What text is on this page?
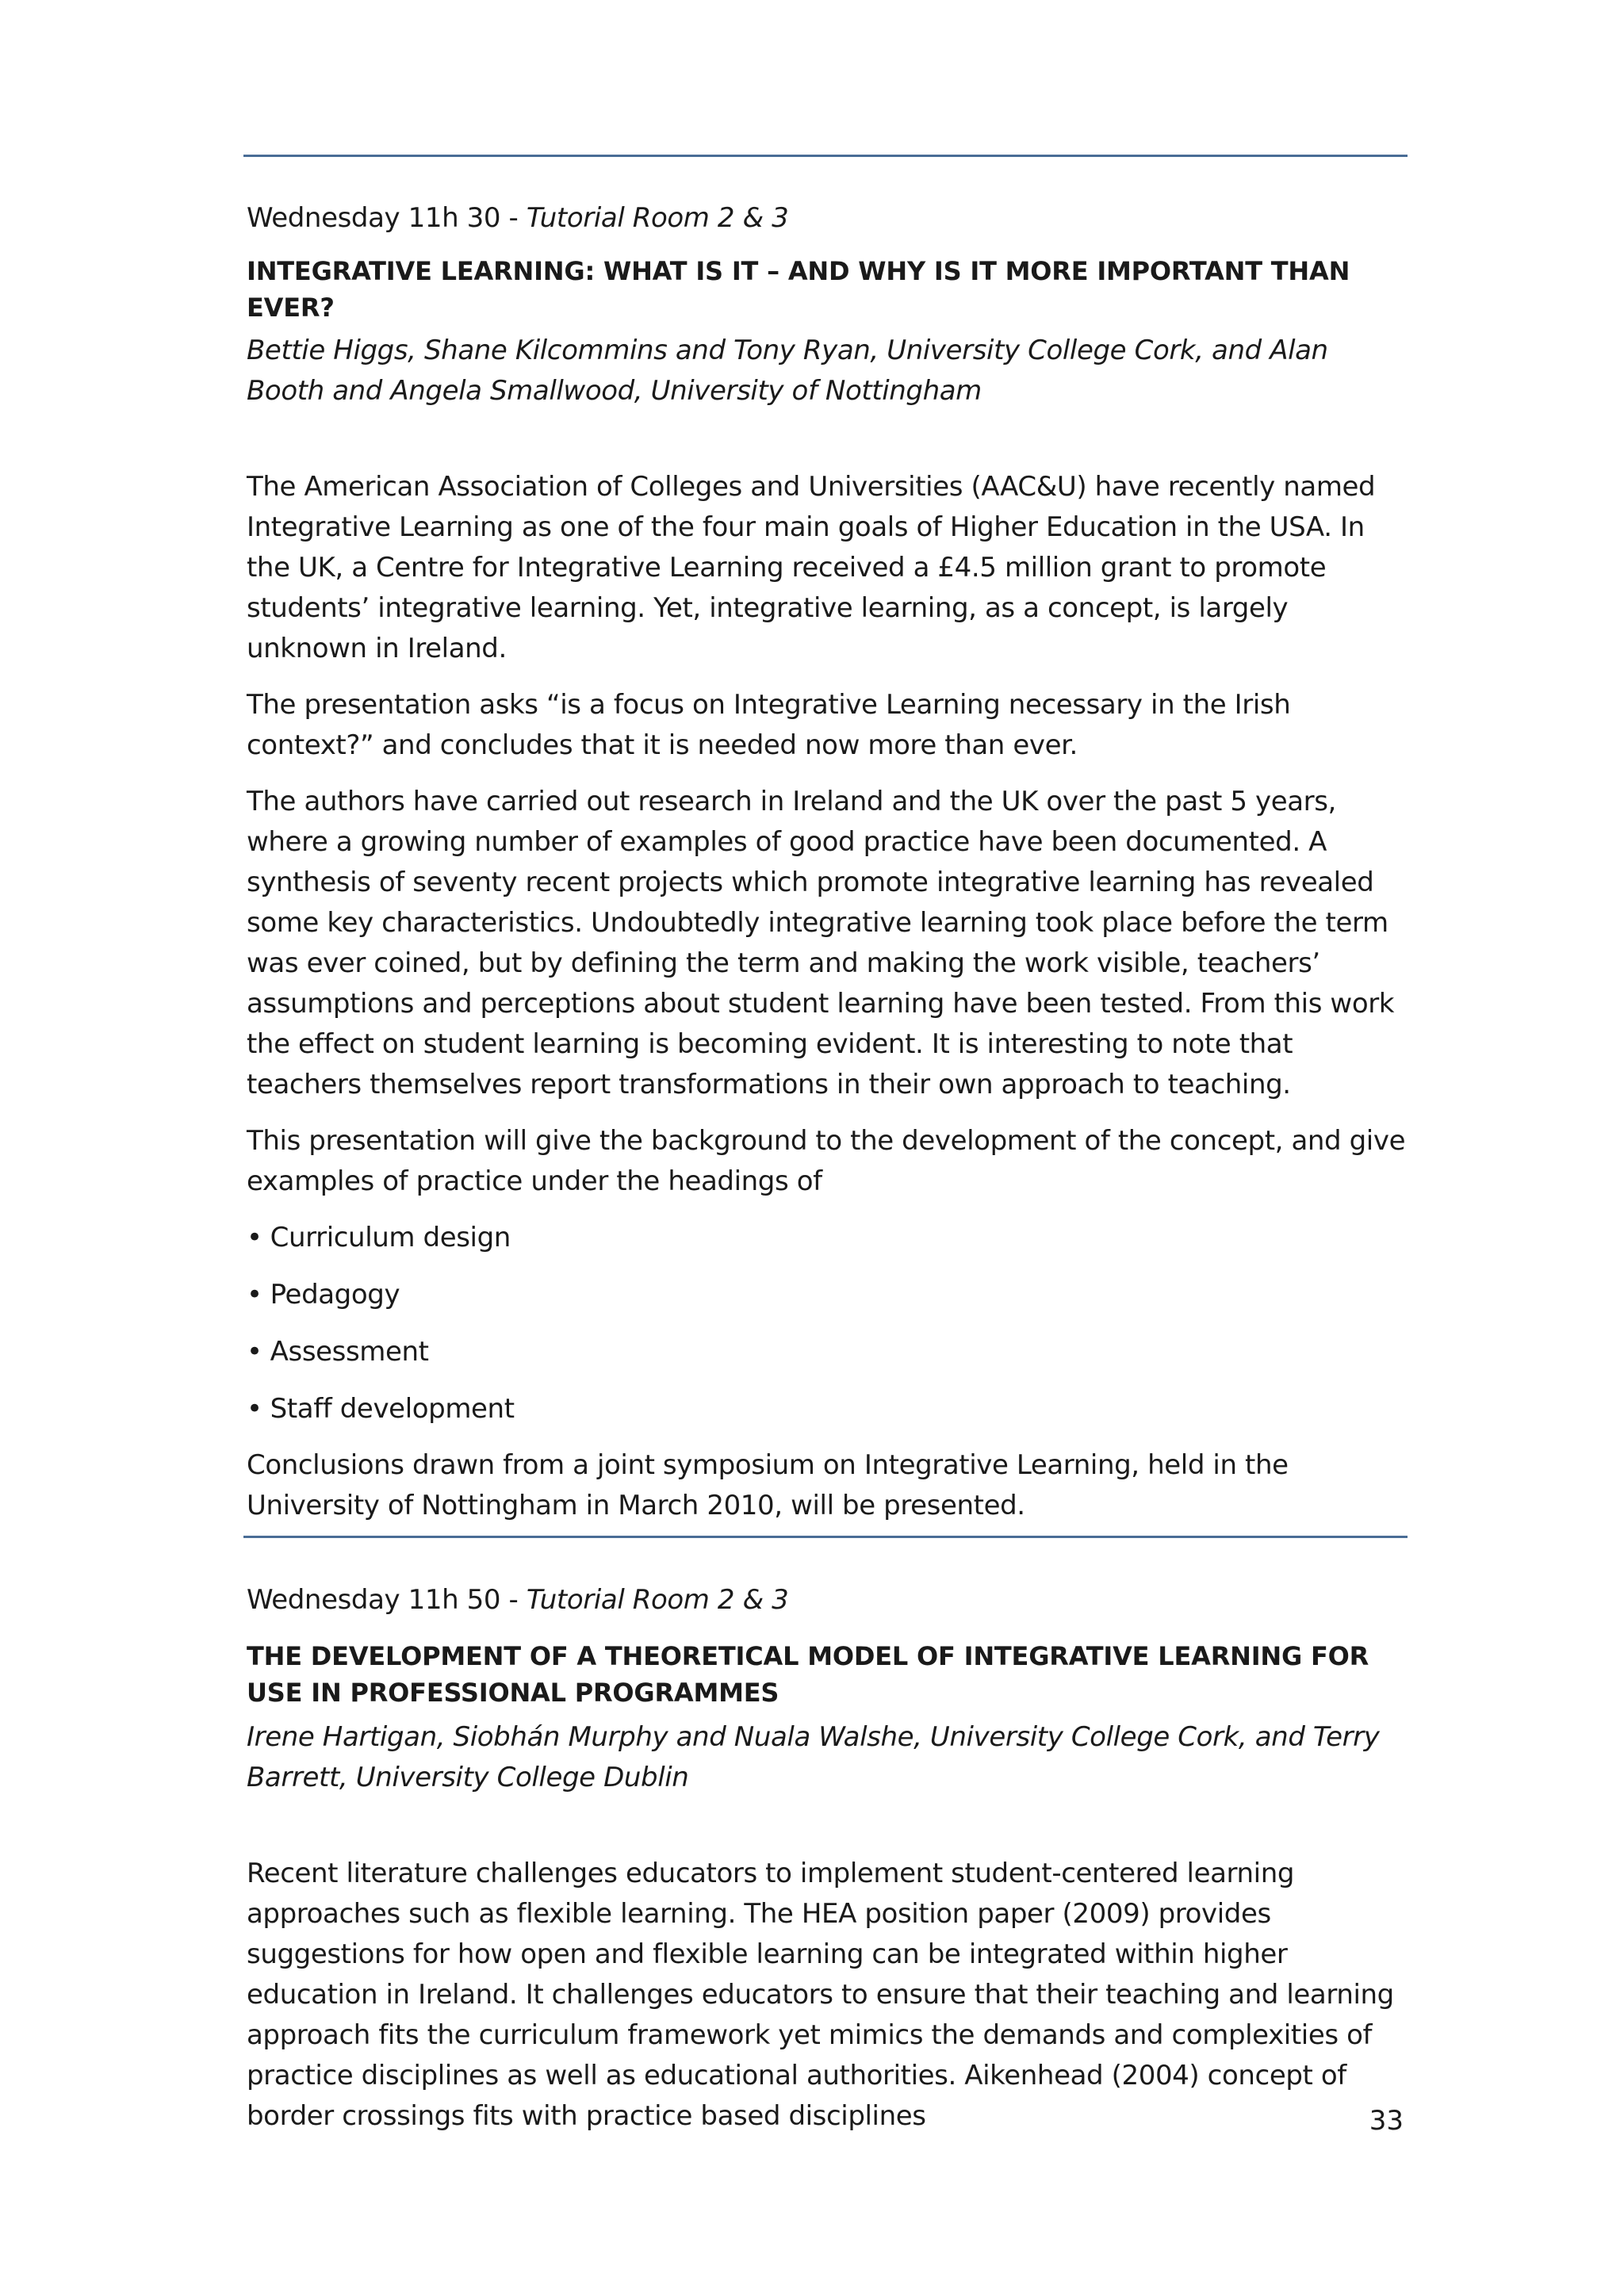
Wednesday 11h 30 - Tutorial Room 2 & 3

INTEGRATIVE LEARNING: WHAT IS IT – AND WHY IS IT MORE IMPORTANT THAN EVER?

Bettie Higgs, Shane Kilcommins and Tony Ryan, University College Cork, and Alan Booth and Angela Smallwood, University of Nottingham

The American Association of Colleges and Universities (AAC&U) have recently named Integrative Learning as one of the four main goals of Higher Education in the USA. In the UK, a Centre for Integrative Learning received a £4.5 million grant to promote students’ integrative learning. Yet, integrative learning, as a concept, is largely unknown in Ireland.

The presentation asks “is a focus on Integrative Learning necessary in the Irish context?” and concludes that it is needed now more than ever.

The authors have carried out research in Ireland and the UK over the past 5 years, where a growing number of examples of good practice have been documented. A synthesis of seventy recent projects which promote integrative learning has revealed some key characteristics. Undoubtedly integrative learning took place before the term was ever coined, but by defining the term and making the work visible, teachers’ assumptions and perceptions about student learning have been tested. From this work the effect on student learning is becoming evident. It is interesting to note that teachers themselves report transformations in their own approach to teaching.

This presentation will give the background to the development of the concept, and give examples of practice under the headings of

• Curriculum design

• Pedagogy

• Assessment

• Staff development

Conclusions drawn from a joint symposium on Integrative Learning, held in the University of Nottingham in March 2010, will be presented.

Wednesday 11h 50 - Tutorial Room 2 & 3

THE DEVELOPMENT OF A THEORETICAL MODEL OF INTEGRATIVE LEARNING FOR USE IN PROFESSIONAL PROGRAMMES

Irene Hartigan, Siobhán Murphy and Nuala Walshe, University College Cork, and Terry Barrett, University College Dublin

Recent literature challenges educators to implement student-centered learning approaches such as flexible learning. The HEA position paper (2009) provides suggestions for how open and flexible learning can be integrated within higher education in Ireland. It challenges educators to ensure that their teaching and learning approach fits the curriculum framework yet mimics the demands and complexities of practice disciplines as well as educational authorities. Aikenhead (2004) concept of border crossings fits with practice based disciplines	33
